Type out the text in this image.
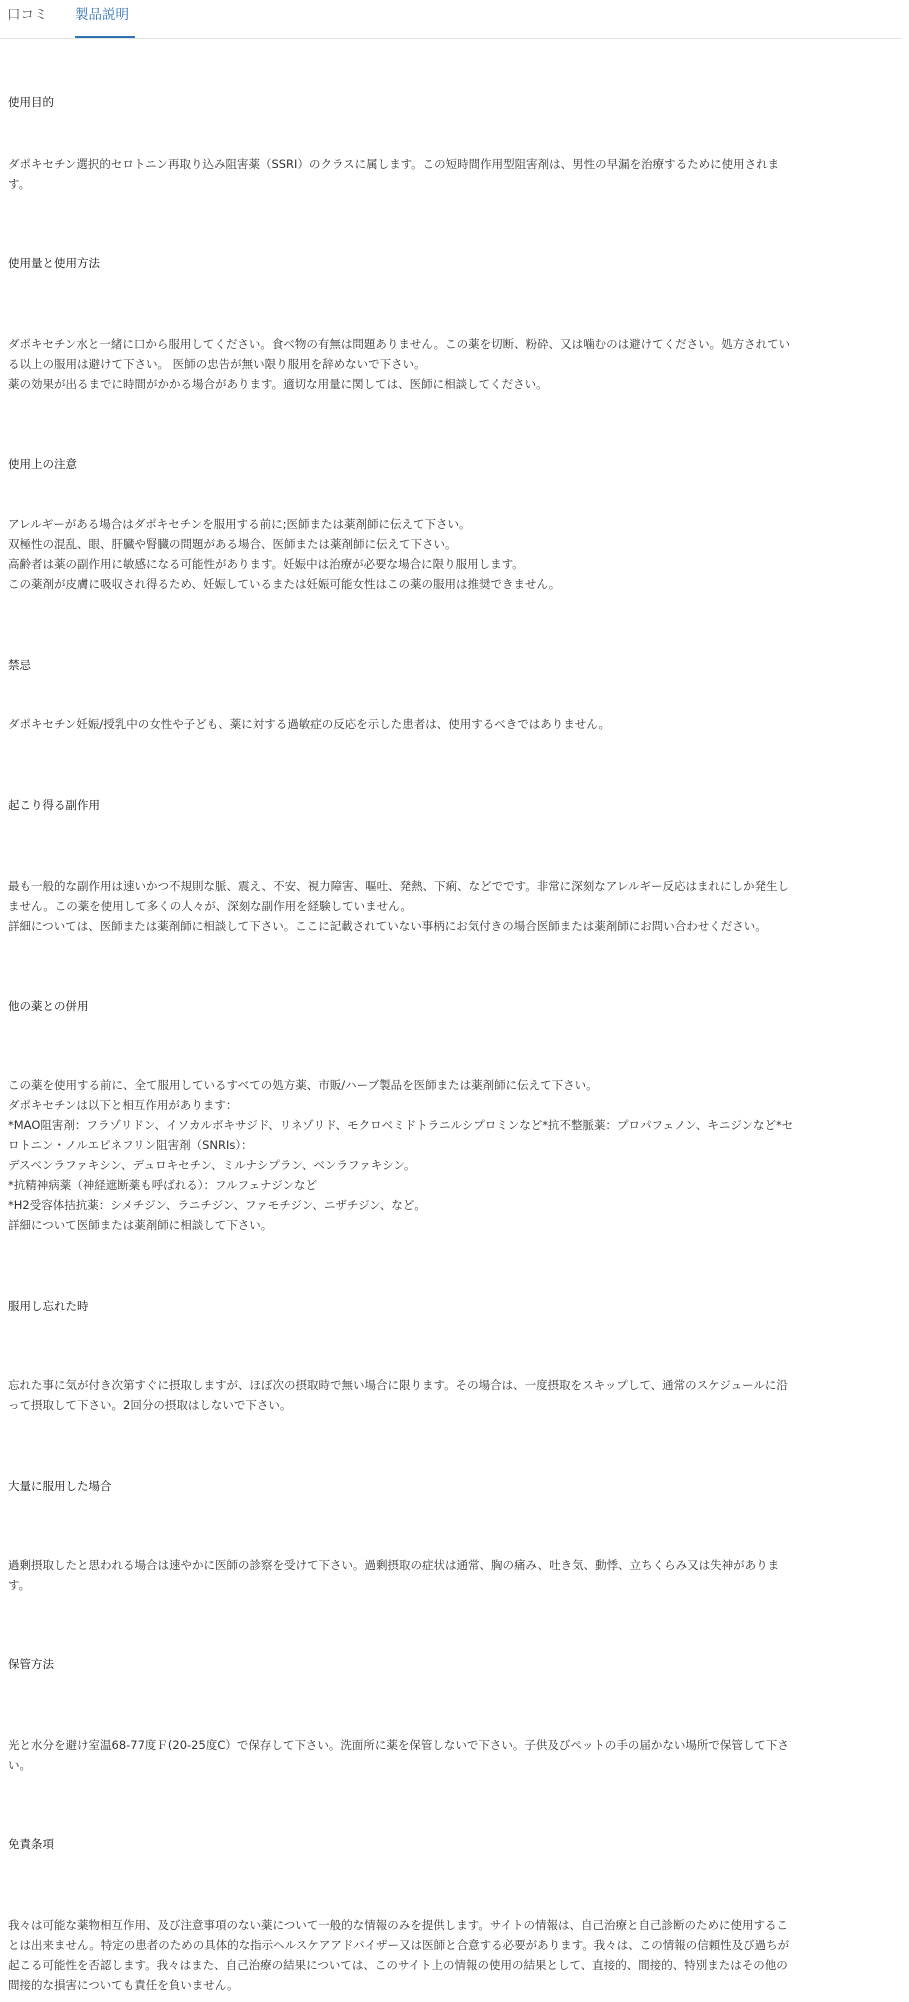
口コミ 製品説明
使用目的
ダポキセチン選択的セロトニン再取り込み阻害薬（SSRI）のクラスに属します。この短時間作用型阻害剤は、男性の早漏を治療するために使用されま
す。
使用量と使用方法
ダポキセチン水と一緒に口から服用してください。食べ物の有無は問題ありません。この薬を切断、粉砕、又は噛むのは避けてください。処方されてい
る以上の服用は避けて下さい。 医師の忠告が無い限り服用を辞めないで下さい。
薬の効果が出るまでに時間がかかる場合があります。適切な用量に関しては、医師に相談してください。
使用上の注意
アレルギーがある場合はダポキセチンを服用する前に;医師または薬剤師に伝えて下さい。
双極性の混乱、眼、肝臓や腎臓の問題がある場合、医師または薬剤師に伝えて下さい。
高齢者は薬の副作用に敏感になる可能性があります。妊娠中は治療が必要な場合に限り服用します。
この薬剤が皮膚に吸収され得るため、妊娠しているまたは妊娠可能女性はこの薬の服用は推奨できません。
禁忌
ダポキセチン妊娠/授乳中の女性や子ども、薬に対する過敏症の反応を示した患者は、使用するべきではありません。
起こり得る副作用
最も一般的な副作用は速いかつ不規則な脈、震え、不安、視力障害、嘔吐、発熱、下痢、などでです。非常に深刻なアレルギー反応はまれにしか発生し
ません。この薬を使用して多くの人々が、深刻な副作用を経験していません。
詳細については、医師または薬剤師に相談して下さい。ここに記載されていない事柄にお気付きの場合医師または薬剤師にお問い合わせください。
他の薬との併用
この薬を使用する前に、全て服用しているすべての処方薬、市販/ハーブ製品を医師または薬剤師に伝えて下さい。
ダポキセチンは以下と相互作用があります：
*MAO阻害剤：フラゾリドン、イソカルボキサジド、リネゾリド、モクロベミドトラニルシプロミンなど*抗不整脈薬：プロパフェノン、キニジンなど*セ
ロトニン・ノルエピネフリン阻害剤（SNRIs）：
デスベンラファキシン、デュロキセチン、ミルナシプラン、ベンラファキシン。
*抗精神病薬（神経遮断薬も呼ばれる）：フルフェナジンなど
*H2受容体拮抗薬：シメチジン、ラニチジン、ファモチジン、ニザチジン、など。
詳細について医師または薬剤師に相談して下さい。
服用し忘れた時
忘れた事に気が付き次第すぐに摂取しますが、ほぼ次の摂取時で無い場合に限ります。その場合は、一度摂取をスキップして、通常のスケジュールに沿
って摂取して下さい。2回分の摂取はしないで下さい。
大量に服用した場合
過剰摂取したと思われる場合は速やかに医師の診察を受けて下さい。過剰摂取の症状は通常、胸の痛み、吐き気、動悸、立ちくらみ又は失神がありま
す。
保管方法
光と水分を避け室温68-77度Ｆ(20-25度C）で保存して下さい。洗面所に薬を保管しないで下さい。子供及びペットの手の届かない場所で保管して下さ
い。
免責条項
我々は可能な薬物相互作用、及び注意事項のない薬について一般的な情報のみを提供します。サイトの情報は、自己治療と自己診断のために使用するこ
とは出来ません。特定の患者のための具体的な指示ヘルスケアアドバイザー又は医師と合意する必要があります。我々は、この情報の信頼性及び過ちが
起こる可能性を否認します。我々はまた、自己治療の結果については、このサイト上の情報の使用の結果として、直接的、間接的、特別またはその他の
間接的な損害についても責任を負いません。
